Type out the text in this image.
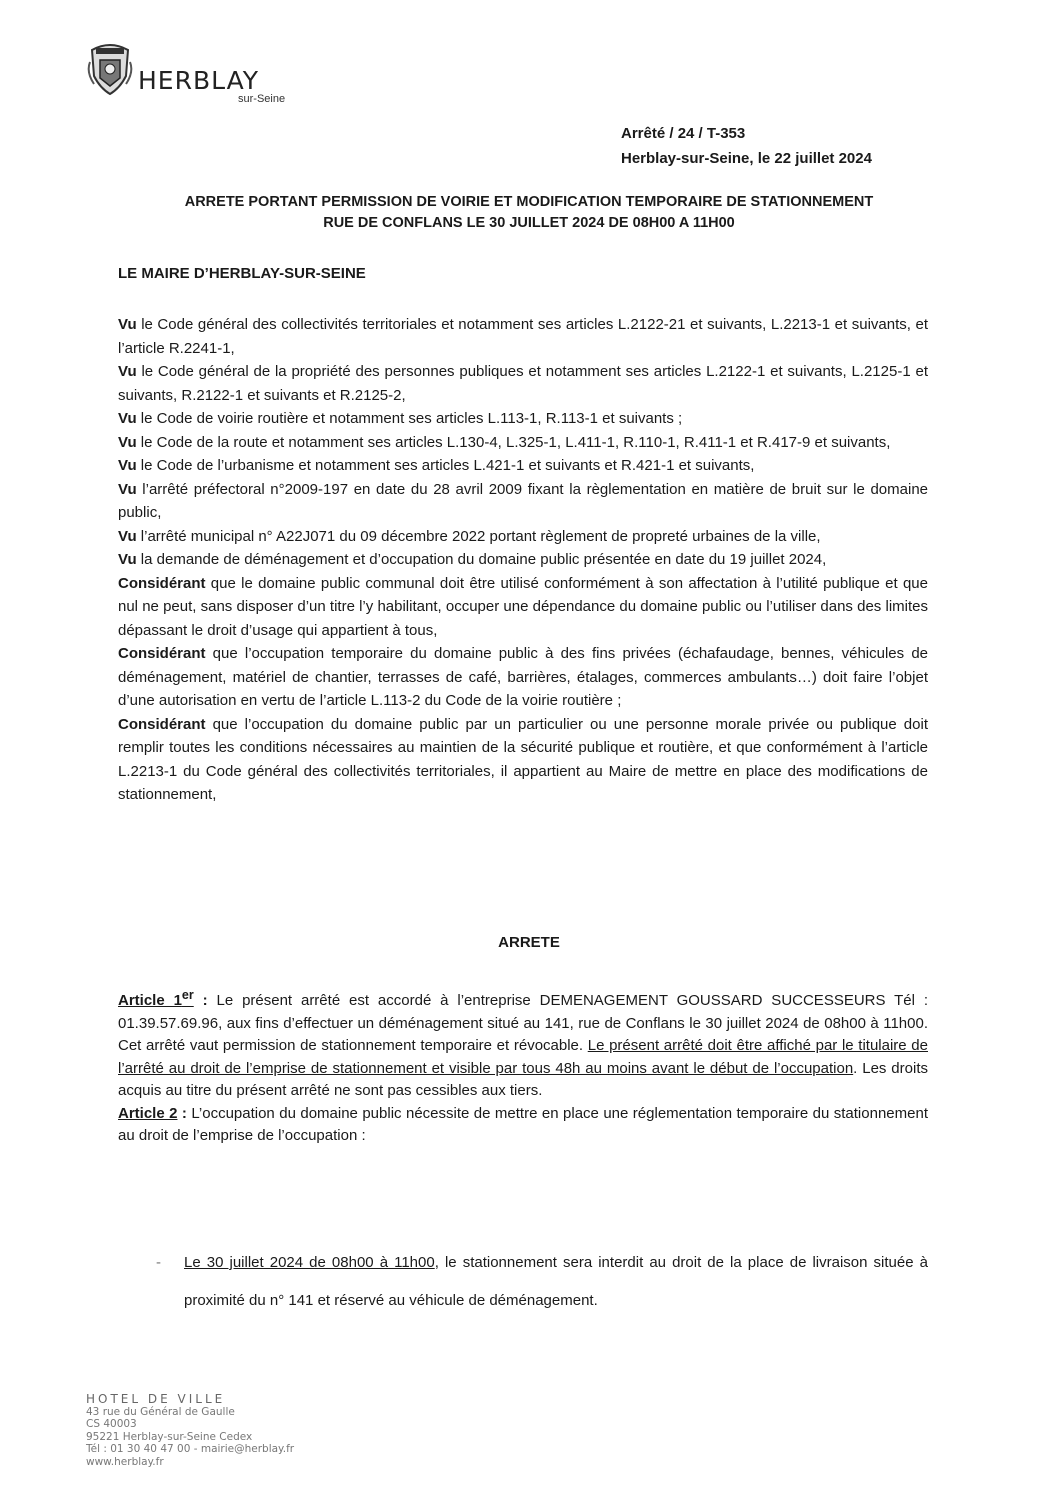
HERBLAY
sur-Seine
Arrêté / 24 / T-353
Herblay-sur-Seine, le 22 juillet 2024
ARRETE PORTANT PERMISSION DE VOIRIE ET MODIFICATION TEMPORAIRE DE STATIONNEMENT
RUE DE CONFLANS LE 30 JUILLET 2024 DE 08H00 A 11H00
LE MAIRE D’HERBLAY-SUR-SEINE

Vu le Code général des collectivités territoriales et notamment ses articles L.2122-21 et suivants, L.2213-1 et suivants, et l’article R.2241-1,

Vu le Code général de la propriété des personnes publiques et notamment ses articles L.2122-1 et suivants, L.2125-1 et suivants, R.2122-1 et suivants et R.2125-2,

Vu le Code de voirie routière et notamment ses articles L.113-1, R.113-1 et suivants ;

Vu le Code de la route et notamment ses articles L.130-4, L.325-1, L.411-1, R.110-1, R.411-1 et R.417-9 et suivants,

Vu le Code de l’urbanisme et notamment ses articles L.421-1 et suivants et R.421-1 et suivants,

Vu l’arrêté préfectoral n°2009-197 en date du 28 avril 2009 fixant la règlementation en matière de bruit sur le domaine public,

Vu l’arrêté municipal n° A22J071 du 09 décembre 2022 portant règlement de propreté urbaines de la ville,

Vu la demande de déménagement et d’occupation du domaine public présentée en date du 19 juillet 2024,

Considérant que le domaine public communal doit être utilisé conformément à son affectation à l’utilité publique et que nul ne peut, sans disposer d’un titre l’y habilitant, occuper une dépendance du domaine public ou l’utiliser dans des limites dépassant le droit d’usage qui appartient à tous,

Considérant que l’occupation temporaire du domaine public à des fins privées (échafaudage, bennes, véhicules de déménagement, matériel de chantier, terrasses de café, barrières, étalages, commerces ambulants…) doit faire l’objet d’une autorisation en vertu de l’article L.113-2 du Code de la voirie routière ;

Considérant que l’occupation du domaine public par un particulier ou une personne morale privée ou publique doit remplir toutes les conditions nécessaires au maintien de la sécurité publique et routière, et que conformément à l’article L.2213-1 du Code général des collectivités territoriales, il appartient au Maire de mettre en place des modifications de stationnement,

ARRETE

Article 1er : Le présent arrêté est accordé à l’entreprise DEMENAGEMENT GOUSSARD SUCCESSEURS Tél : 01.39.57.69.96, aux fins d’effectuer un déménagement situé au 141, rue de Conflans le 30 juillet 2024 de 08h00 à 11h00. Cet arrêté vaut permission de stationnement temporaire et révocable. Le présent arrêté doit être affiché par le titulaire de l’arrêté au droit de l’emprise de stationnement et visible par tous 48h au moins avant le début de l’occupation. Les droits acquis au titre du présent arrêté ne sont pas cessibles aux tiers.

Article 2 : L’occupation du domaine public nécessite de mettre en place une réglementation temporaire du stationnement au droit de l’emprise de l’occupation :

- Le 30 juillet 2024 de 08h00 à 11h00, le stationnement sera interdit au droit de la place de livraison située à proximité du n° 141 et réservé au véhicule de déménagement.

HOTEL DE VILLE
43 rue du Général de Gaulle
CS 40003
95221 Herblay-sur-Seine Cedex
Tél : 01 30 40 47 00 - mairie@herblay.fr
www.herblay.fr
